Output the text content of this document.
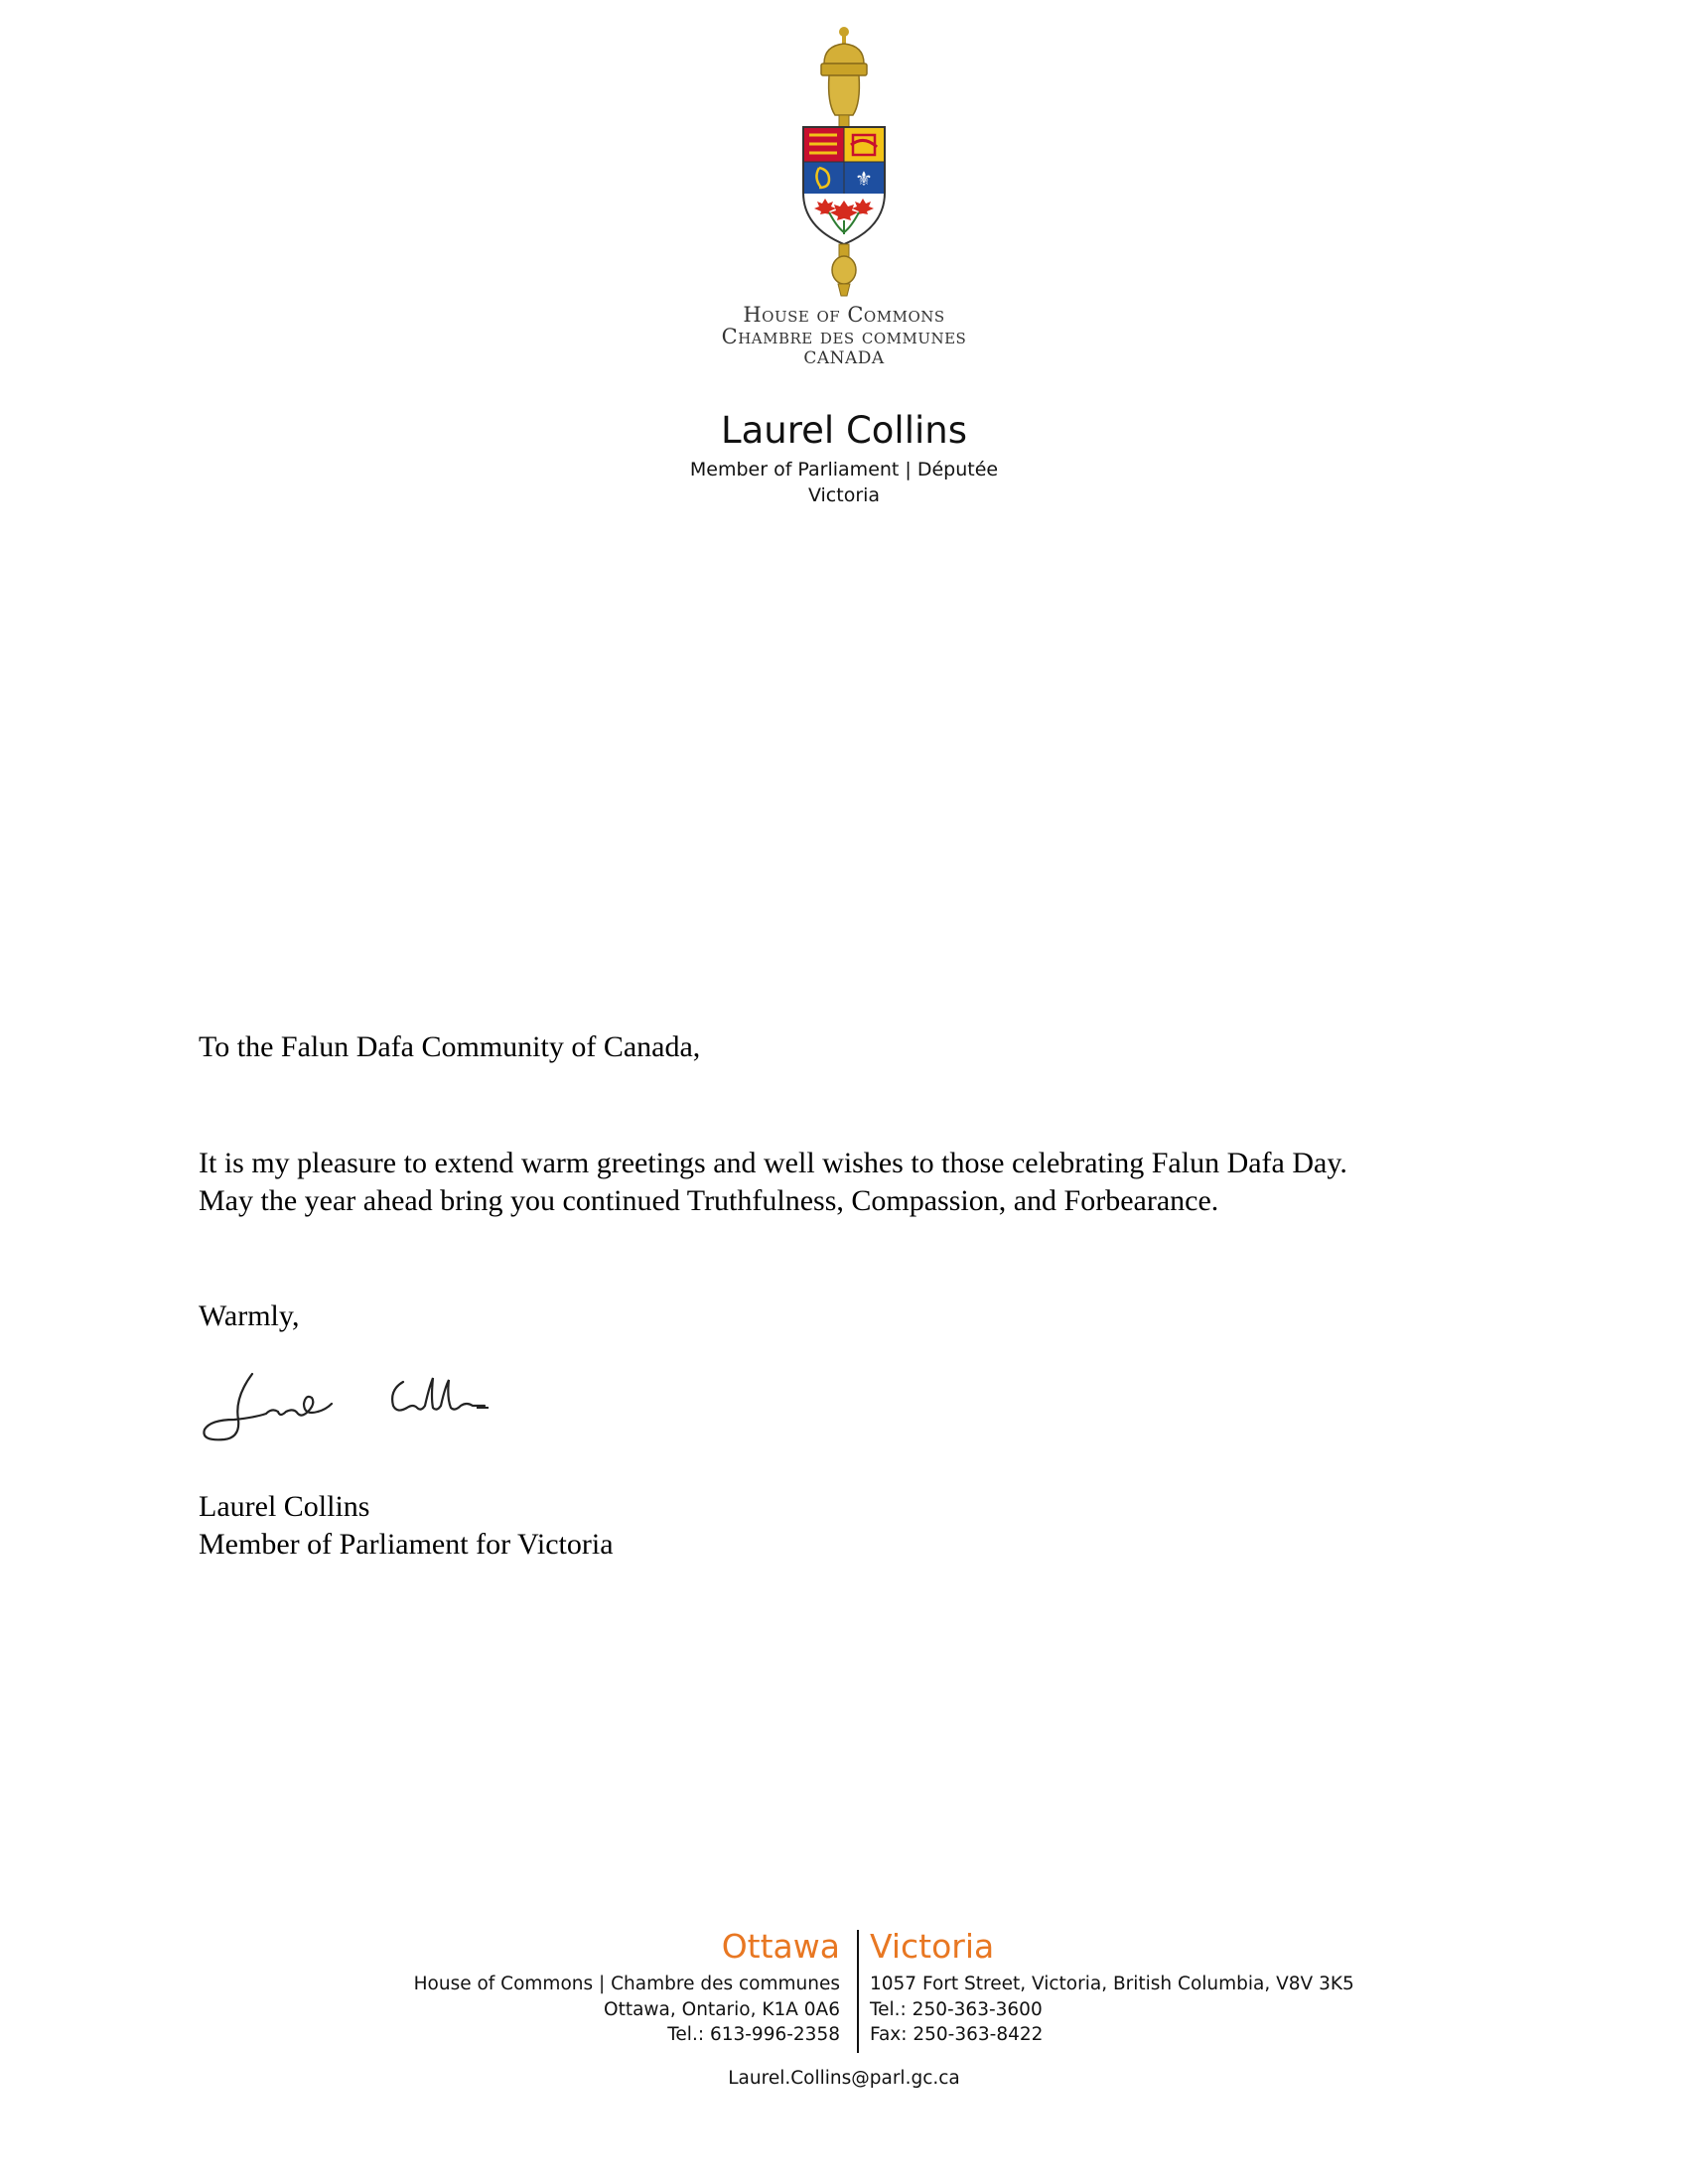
⚜
House of Commons
Chambre des communes
CANADA
Laurel Collins
Member of Parliament | Députée
Victoria
To the Falun Dafa Community of Canada,
It is my pleasure to extend warm greetings and well wishes to those celebrating Falun Dafa Day.
May the year ahead bring you continued Truthfulness, Compassion, and Forbearance.
Warmly,
Laurel Collins
Member of Parliament for Victoria
Ottawa Victoria
House of Commons | Chambre des communes
Ottawa, Ontario, K1A 0A6
Tel.: 613-996-2358
1057 Fort Street, Victoria, British Columbia, V8V 3K5
Tel.: 250-363-3600
Fax: 250-363-8422
Laurel.Collins@parl.gc.ca
